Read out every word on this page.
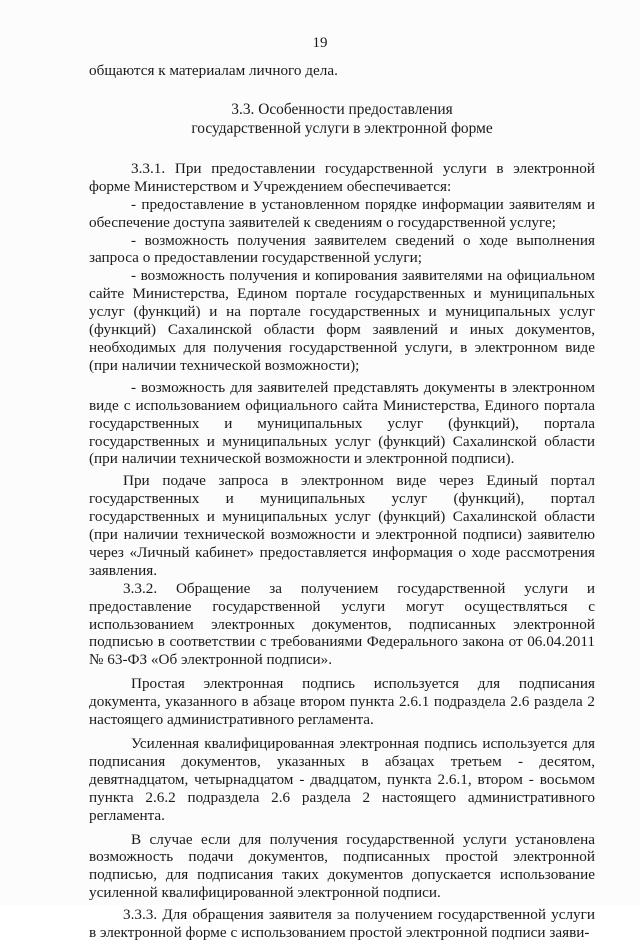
19

общаются к материалам личного дела.

3.3. Особенности предоставления
государственной услуги в электронной форме

3.3.1. При предоставлении государственной услуги в электронной форме Министерством и Учреждением обеспечивается:

- предоставление в установленном порядке информации заявителям и обеспечение доступа заявителей к сведениям о государственной услуге;

- возможность получения заявителем сведений о ходе выполнения запроса о предоставлении государственной услуги;

- возможность получения и копирования заявителями на официальном сайте Министерства, Едином портале государственных и муниципальных услуг (функций) и на портале государственных и муниципальных услуг (функций) Сахалинской области форм заявлений и иных документов, необходимых для получения государственной услуги, в электронном виде (при наличии технической возможности);

- возможность для заявителей представлять документы в электронном виде с использованием официального сайта Министерства, Единого портала государственных и муниципальных услуг (функций), портала государственных и муниципальных услуг (функций) Сахалинской области (при наличии технической возможности и электронной подписи).

При подаче запроса в электронном виде через Единый портал государственных и муниципальных услуг (функций), портал государственных и муниципальных услуг (функций) Сахалинской области (при наличии технической возможности и электронной подписи) заявителю через «Личный кабинет» предоставляется информация о ходе рассмотрения заявления.

3.3.2. Обращение за получением государственной услуги и предоставление государственной услуги могут осуществляться с использованием электронных документов, подписанных электронной подписью в соответствии с требованиями Федерального закона от 06.04.2011 № 63-ФЗ «Об электронной подписи».

Простая электронная подпись используется для подписания документа, указанного в абзаце втором пункта 2.6.1 подраздела 2.6 раздела 2 настоящего административного регламента.

Усиленная квалифицированная электронная подпись используется для подписания документов, указанных в абзацах третьем - десятом, девятнадцатом, четырнадцатом - двадцатом, пункта 2.6.1, втором - восьмом пункта 2.6.2 подраздела 2.6 раздела 2 настоящего административного регламента.

В случае если для получения государственной услуги установлена возможность подачи документов, подписанных простой электронной подписью, для подписания таких документов допускается использование усиленной квалифицированной электронной подписи.

3.3.3. Для обращения заявителя за получением государственной услуги в электронной форме с использованием простой электронной подписи заяви-
